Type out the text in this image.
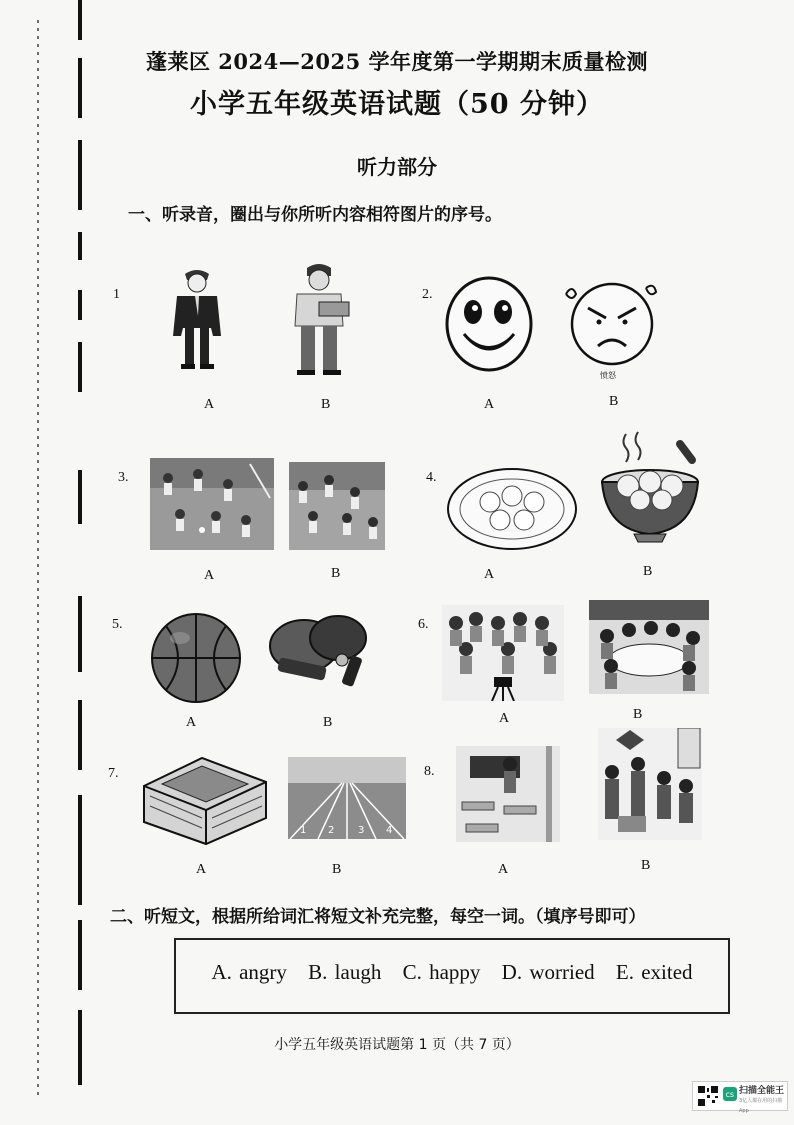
蓬莱区 2024—2025 学年度第一学期期末质量检测
小学五年级英语试题（50 分钟）
听力部分
一、听录音，圈出与你所听内容相符图片的序号。
1
A	B
2.
愤怒
A	B
3.
A	B
4.
A	B
5.
A	B
6.
A	B
7.
1 2 3 4
A	B
8.
A	B
二、听短文，根据所给词汇将短文补充完整，每空一词。（填序号即可）
A. angry B. laugh C. happy D. worried E. exited
小学五年级英语试题第 1 页（共 7 页）
cs 扫描全能王
3亿人都在用的扫描App
